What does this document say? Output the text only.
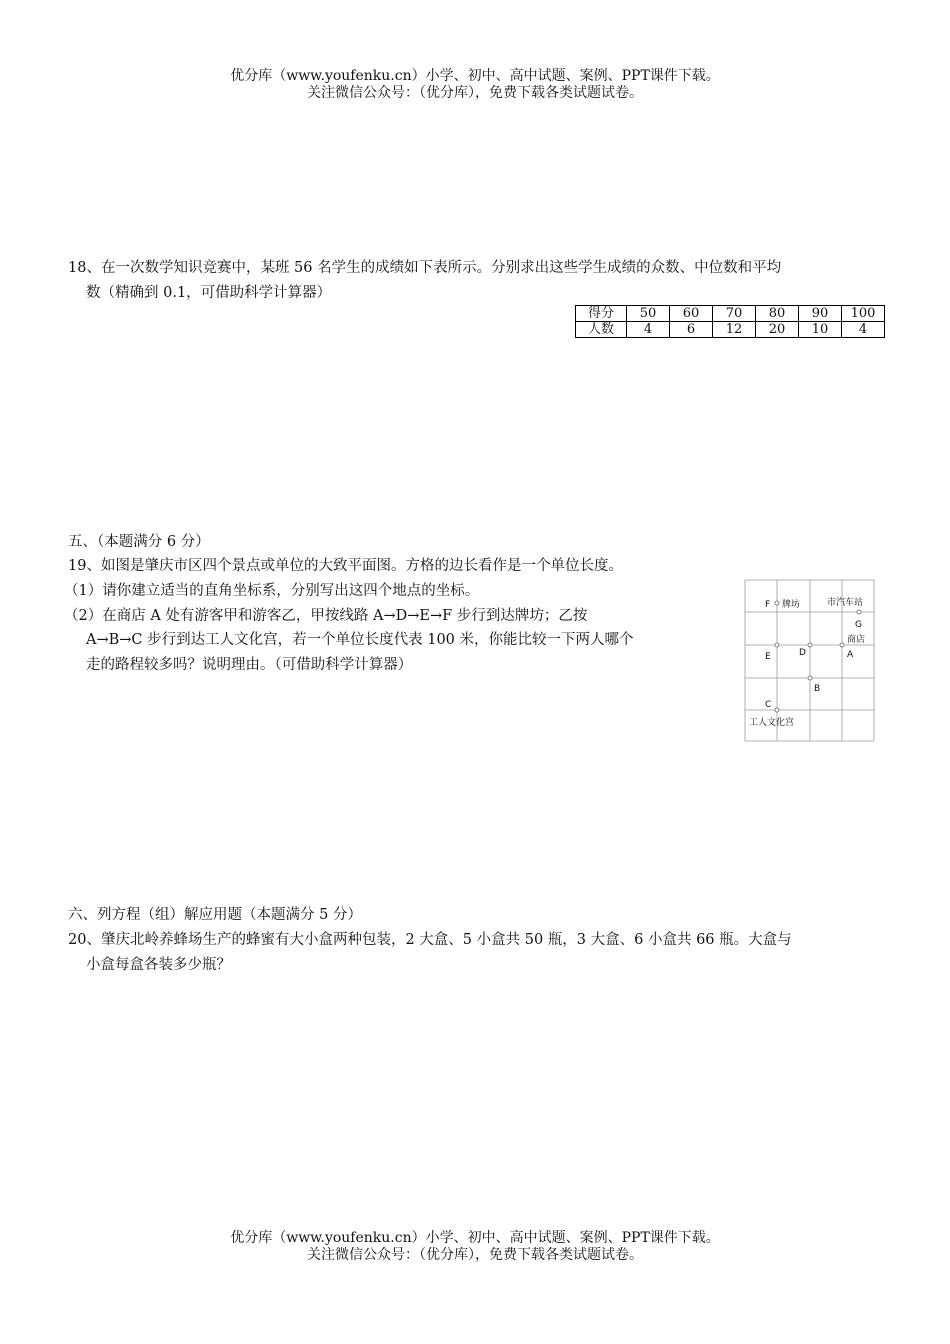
优分库（www.youfenku.cn）小学、初中、高中试题、案例、PPT课件下载。
关注微信公众号：（优分库），免费下载各类试题试卷。
18、在一次数学知识竞赛中，某班 56 名学生的成绩如下表所示。分别求出这些学生成绩的众数、中位数和平均
数（精确到 0.1，可借助科学计算器）
得分	50	60	70	80	90	100
人数	4	6	12	20	10	4
五、（本题满分 6 分）
19、如图是肇庆市区四个景点或单位的大致平面图。方格的边长看作是一个单位长度。
（1）请你建立适当的直角坐标系，分别写出这四个地点的坐标。
（2）在商店 A 处有游客甲和游客乙，甲按线路 A→D→E→F 步行到达牌坊；乙按
A→B→C 步行到达工人文化宫，若一个单位长度代表 100 米，你能比较一下两人哪个
走的路程较多吗？说明理由。（可借助科学计算器）
F 牌坊	市汽车站
G
商店
E	D	A
B
C
工人文化宫
六、列方程（组）解应用题（本题满分 5 分）
20、肇庆北岭养蜂场生产的蜂蜜有大小盒两种包装，2 大盒、5 小盒共 50 瓶，3 大盒、6 小盒共 66 瓶。大盒与
小盒每盒各装多少瓶？
优分库（www.youfenku.cn）小学、初中、高中试题、案例、PPT课件下载。
关注微信公众号：（优分库），免费下载各类试题试卷。
